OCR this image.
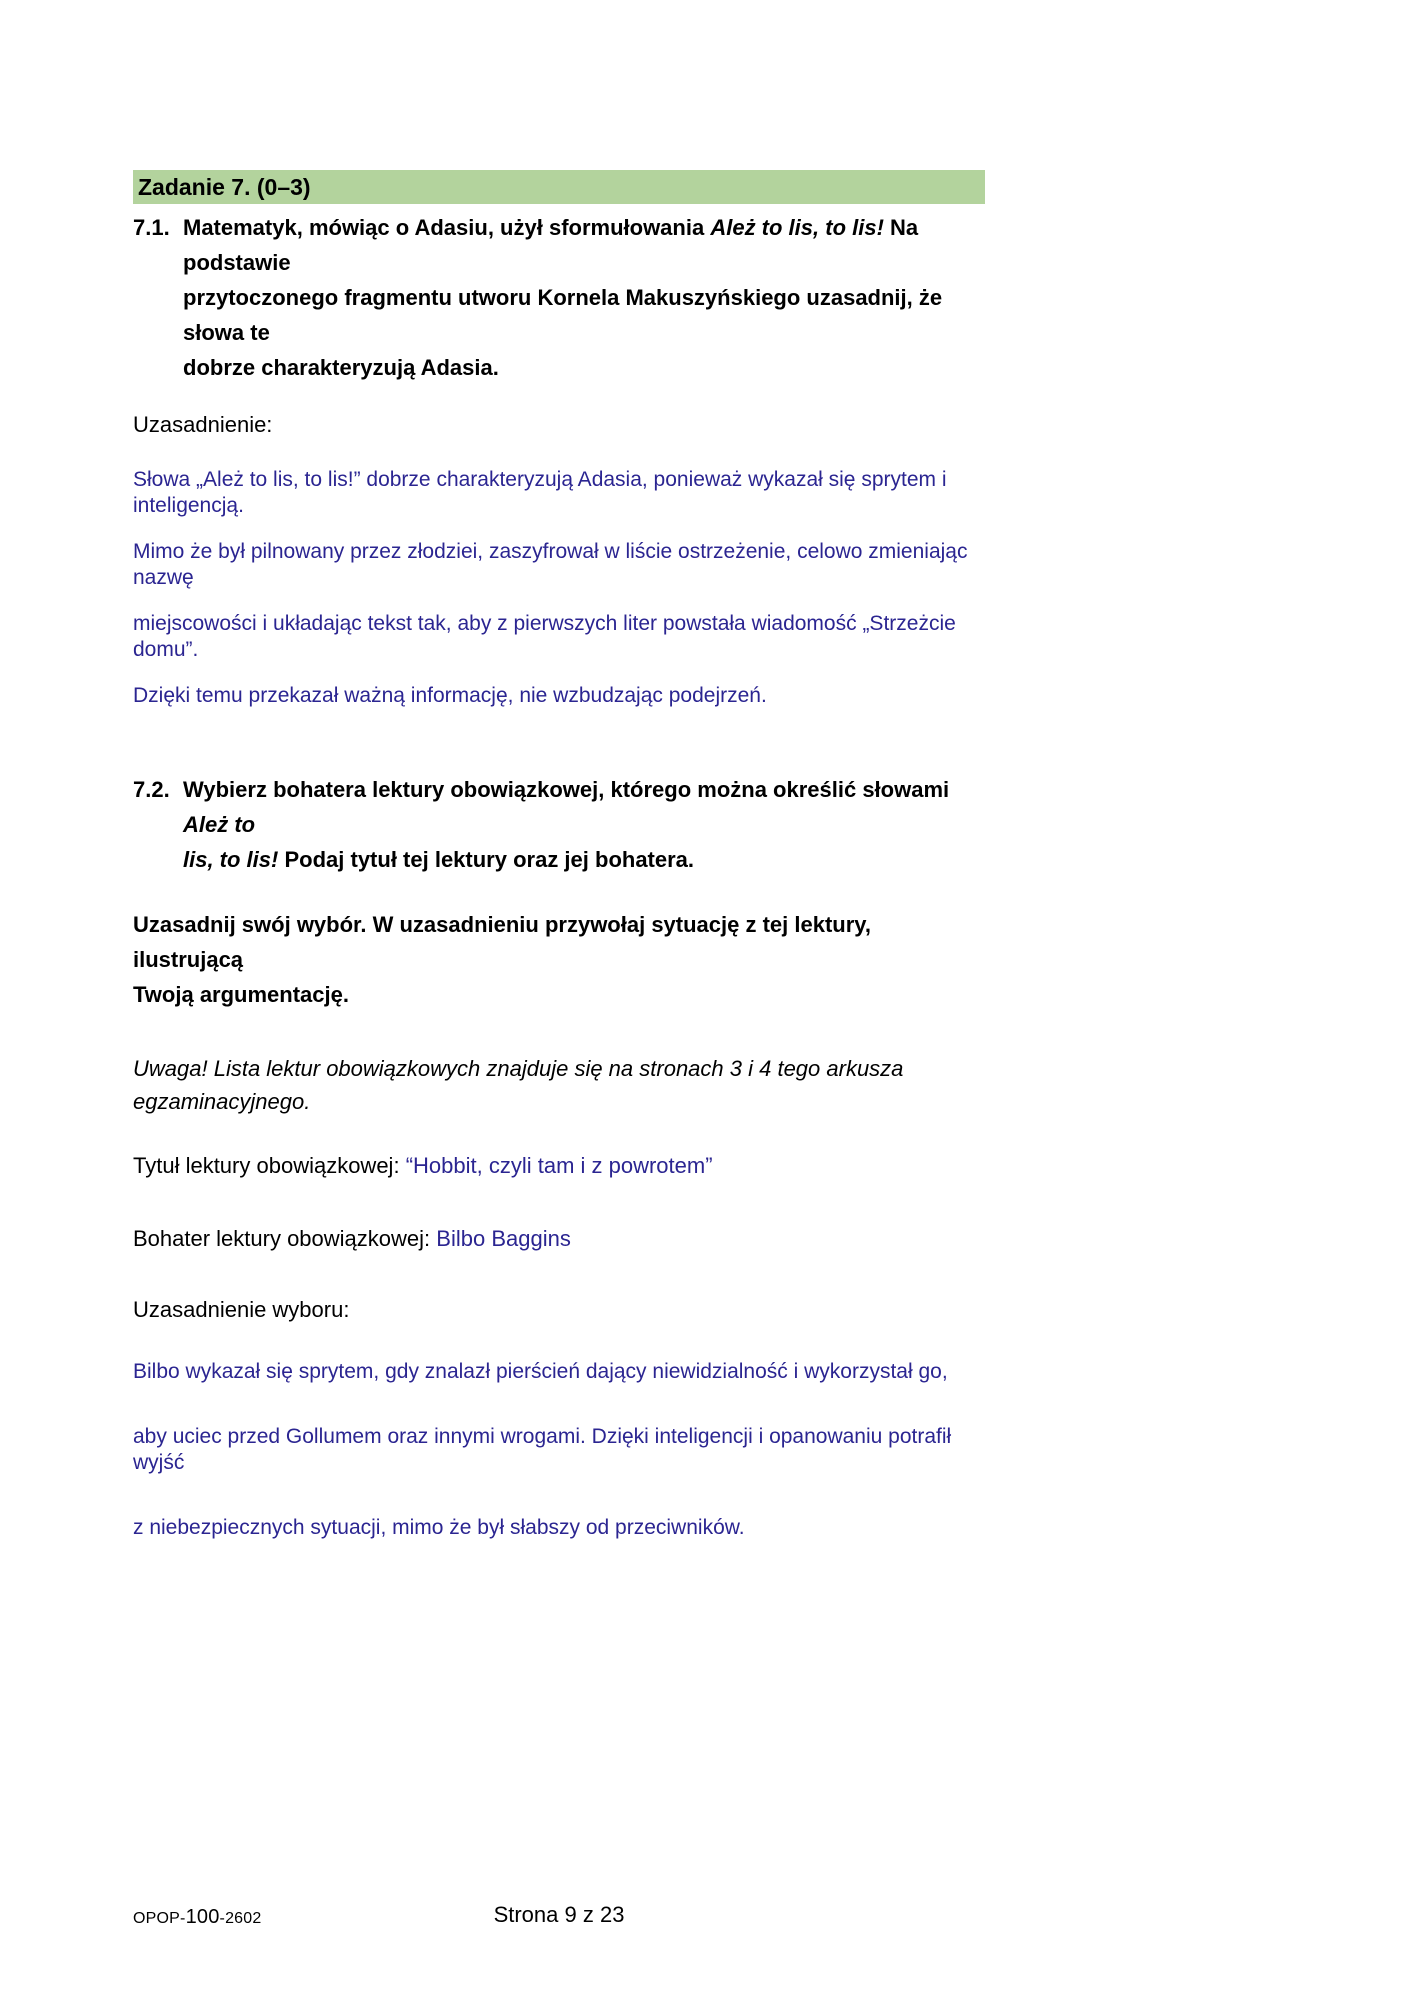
Zadanie 7. (0–3)
7.1. Matematyk, mówiąc o Adasiu, użył sformułowania Ależ to lis, to lis! Na podstawie
przytoczonego fragmentu utworu Kornela Makuszyńskiego uzasadnij, że słowa te
dobrze charakteryzują Adasia.
Uzasadnienie:
Słowa „Ależ to lis, to lis!” dobrze charakteryzują Adasia, ponieważ wykazał się sprytem i inteligencją.
Mimo że był pilnowany przez złodziei, zaszyfrował w liście ostrzeżenie, celowo zmieniając nazwę
miejscowości i układając tekst tak, aby z pierwszych liter powstała wiadomość „Strzeżcie domu”.
Dzięki temu przekazał ważną informację, nie wzbudzając podejrzeń.
7.2. Wybierz bohatera lektury obowiązkowej, którego można określić słowami Ależ to
lis, to lis! Podaj tytuł tej lektury oraz jej bohatera.
Uzasadnij swój wybór. W uzasadnieniu przywołaj sytuację z tej lektury, ilustrującą
Twoją argumentację.
Uwaga! Lista lektur obowiązkowych znajduje się na stronach 3 i 4 tego arkusza
egzaminacyjnego.
Tytuł lektury obowiązkowej: “Hobbit, czyli tam i z powrotem”
Bohater lektury obowiązkowej: Bilbo Baggins
Uzasadnienie wyboru:
Bilbo wykazał się sprytem, gdy znalazł pierścień dający niewidzialność i wykorzystał go,
aby uciec przed Gollumem oraz innymi wrogami. Dzięki inteligencji i opanowaniu potrafił wyjść
z niebezpiecznych sytuacji, mimo że był słabszy od przeciwników.
OPOP-100-2602	Strona 9 z 23
